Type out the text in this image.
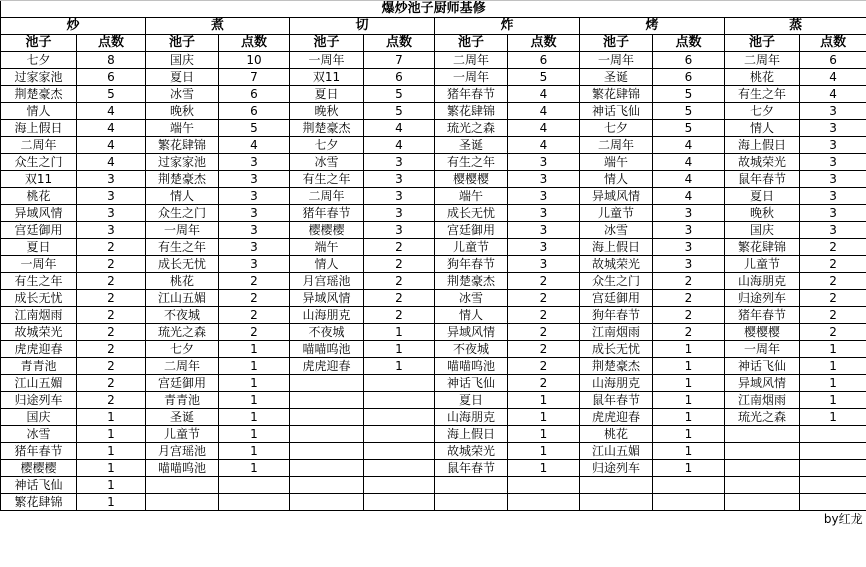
爆炒池子厨师基修											
炒		煮		切		炸		烤		蒸	
池子	点数	池子	点数	池子	点数	池子	点数	池子	点数	池子	点数
七夕	8	国庆	10	一周年	7	二周年	6	一周年	6	二周年	6
过家家池	6	夏日	7	双11	6	一周年	5	圣诞	6	桃花	4
荆楚豪杰	5	冰雪	6	夏日	5	猪年春节	4	繁花肆锦	5	有生之年	4
情人	4	晚秋	6	晚秋	5	繁花肆锦	4	神话飞仙	5	七夕	3
海上假日	4	端午	5	荆楚豪杰	4	琉光之森	4	七夕	5	情人	3
二周年	4	繁花肆锦	4	七夕	4	圣诞	4	二周年	4	海上假日	3
众生之门	4	过家家池	3	冰雪	3	有生之年	3	端午	4	故城荣光	3
双11	3	荆楚豪杰	3	有生之年	3	樱樱樱	3	情人	4	鼠年春节	3
桃花	3	情人	3	二周年	3	端午	3	异域风情	4	夏日	3
异域风情	3	众生之门	3	猪年春节	3	成长无忧	3	儿童节	3	晚秋	3
宫廷御用	3	一周年	3	樱樱樱	3	宫廷御用	3	冰雪	3	国庆	3
夏日	2	有生之年	3	端午	2	儿童节	3	海上假日	3	繁花肆锦	2
一周年	2	成长无忧	3	情人	2	狗年春节	3	故城荣光	3	儿童节	2
有生之年	2	桃花	2	月宫瑶池	2	荆楚豪杰	2	众生之门	2	山海朋克	2
成长无忧	2	江山五媚	2	异域风情	2	冰雪	2	宫廷御用	2	归途列车	2
江南烟雨	2	不夜城	2	山海朋克	2	情人	2	狗年春节	2	猪年春节	2
故城荣光	2	琉光之森	2	不夜城	1	异域风情	2	江南烟雨	2	樱樱樱	2
虎虎迎春	2	七夕	1	喵喵呜池	1	不夜城	2	成长无忧	1	一周年	1
青青池	2	二周年	1	虎虎迎春	1	喵喵呜池	2	荆楚豪杰	1	神话飞仙	1
江山五媚	2	宫廷御用	1			神话飞仙	2	山海朋克	1	异域风情	1
归途列车	2	青青池	1			夏日	1	鼠年春节	1	江南烟雨	1
国庆	1	圣诞	1			山海朋克	1	虎虎迎春	1	琉光之森	1
冰雪	1	儿童节	1			海上假日	1	桃花	1		
猪年春节	1	月宫瑶池	1			故城荣光	1	江山五媚	1		
樱樱樱	1	喵喵呜池	1			鼠年春节	1	归途列车	1		
神话飞仙	1										
繁花肆锦	1										
										by红龙	
